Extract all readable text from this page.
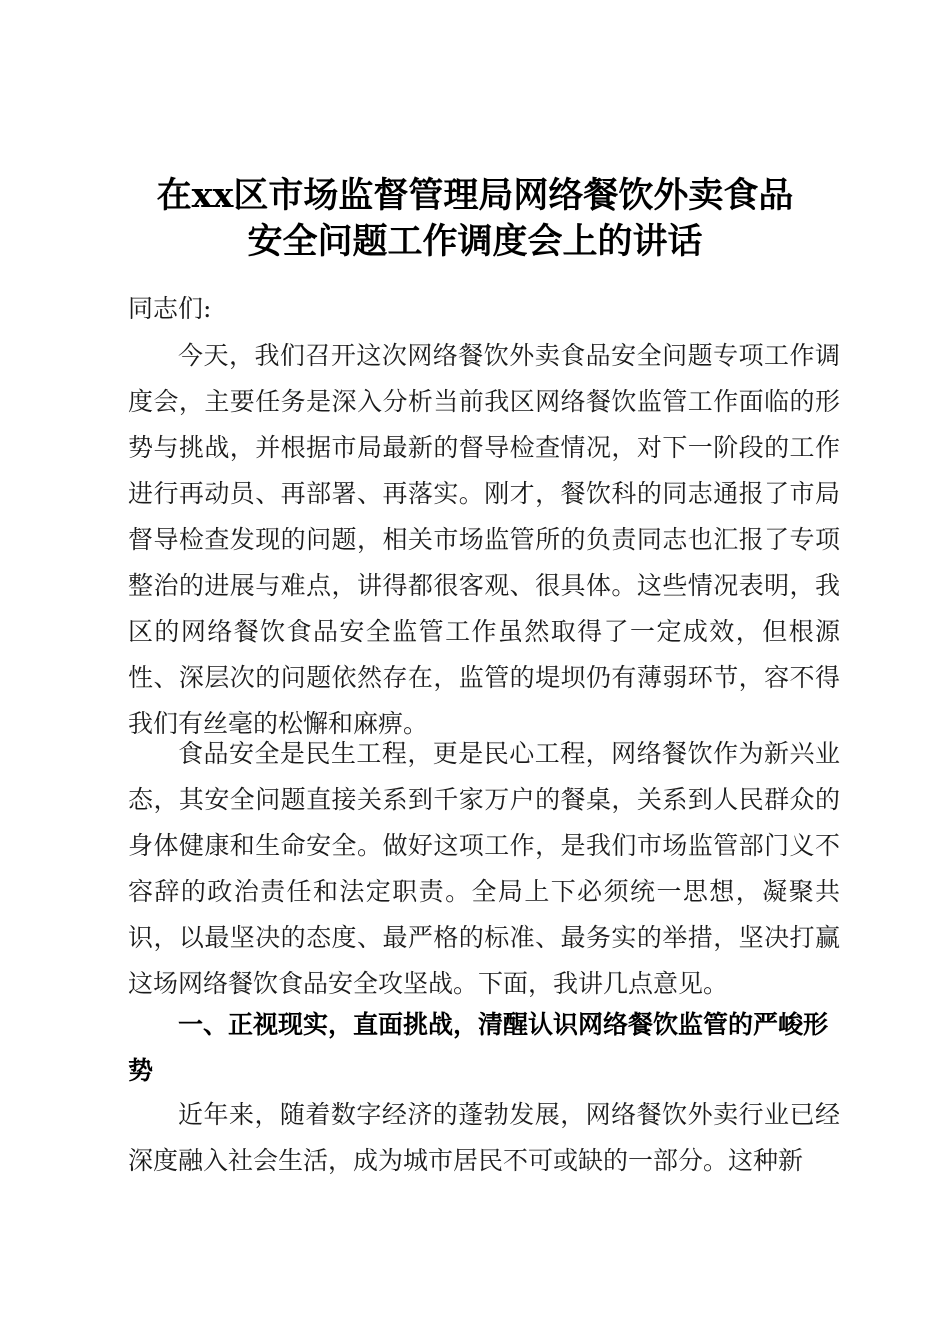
在xx区市场监督管理局网络餐饮外卖食品
安全问题工作调度会上的讲话
同志们:

今天，我们召开这次网络餐饮外卖食品安全问题专项工作调度会，主要任务是深入分析当前我区网络餐饮监管工作面临的形势与挑战，并根据市局最新的督导检查情况，对下一阶段的工作进行再动员、再部署、再落实。刚才，餐饮科的同志通报了市局督导检查发现的问题，相关市场监管所的负责同志也汇报了专项整治的进展与难点，讲得都很客观、很具体。这些情况表明，我区的网络餐饮食品安全监管工作虽然取得了一定成效，但根源性、深层次的问题依然存在，监管的堤坝仍有薄弱环节，容不得我们有丝毫的松懈和麻痹。

食品安全是民生工程，更是民心工程，网络餐饮作为新兴业态，其安全问题直接关系到千家万户的餐桌，关系到人民群众的身体健康和生命安全。做好这项工作，是我们市场监管部门义不容辞的政治责任和法定职责。全局上下必须统一思想，凝聚共识，以最坚决的态度、最严格的标准、最务实的举措，坚决打赢这场网络餐饮食品安全攻坚战。下面，我讲几点意见。

一、正视现实，直面挑战，清醒认识网络餐饮监管的严峻形势

近年来，随着数字经济的蓬勃发展，网络餐饮外卖行业已经深度融入社会生活，成为城市居民不可或缺的一部分。这种新
